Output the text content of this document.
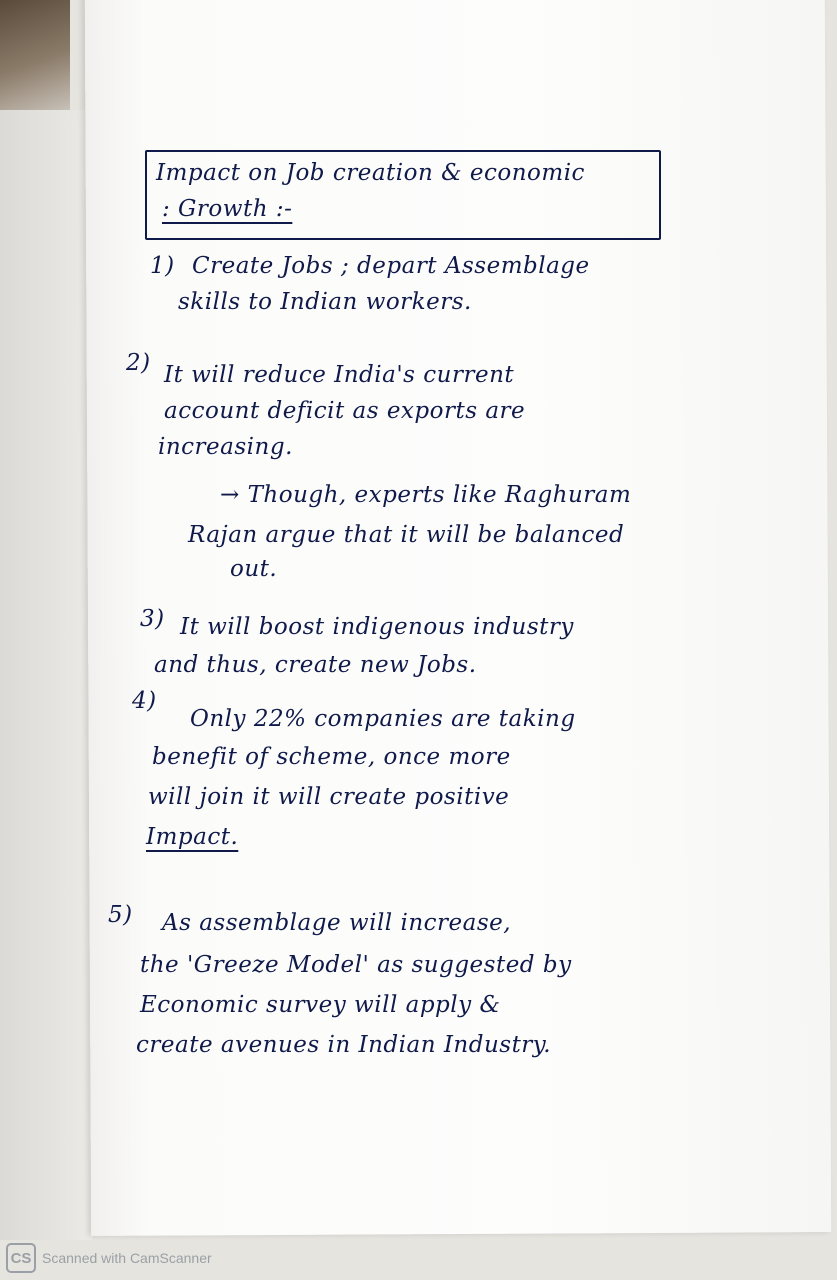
Impact on Job creation & economic
: Growth :-
1) Create Jobs ; depart Assemblage
skills to Indian workers.
2) It will reduce India's current
account deficit as exports are
increasing.
→ Though, experts like Raghuram
Rajan argue that it will be balanced
out.
3) It will boost indigenous industry
and thus, create new Jobs.
4)
Only 22% companies are taking
benefit of scheme, once more
will join it will create positive
Impact.
5) As assemblage will increase,
the 'Greeze Model' as suggested by
Economic survey will apply &
create avenues in Indian Industry.
CS Scanned with CamScanner
